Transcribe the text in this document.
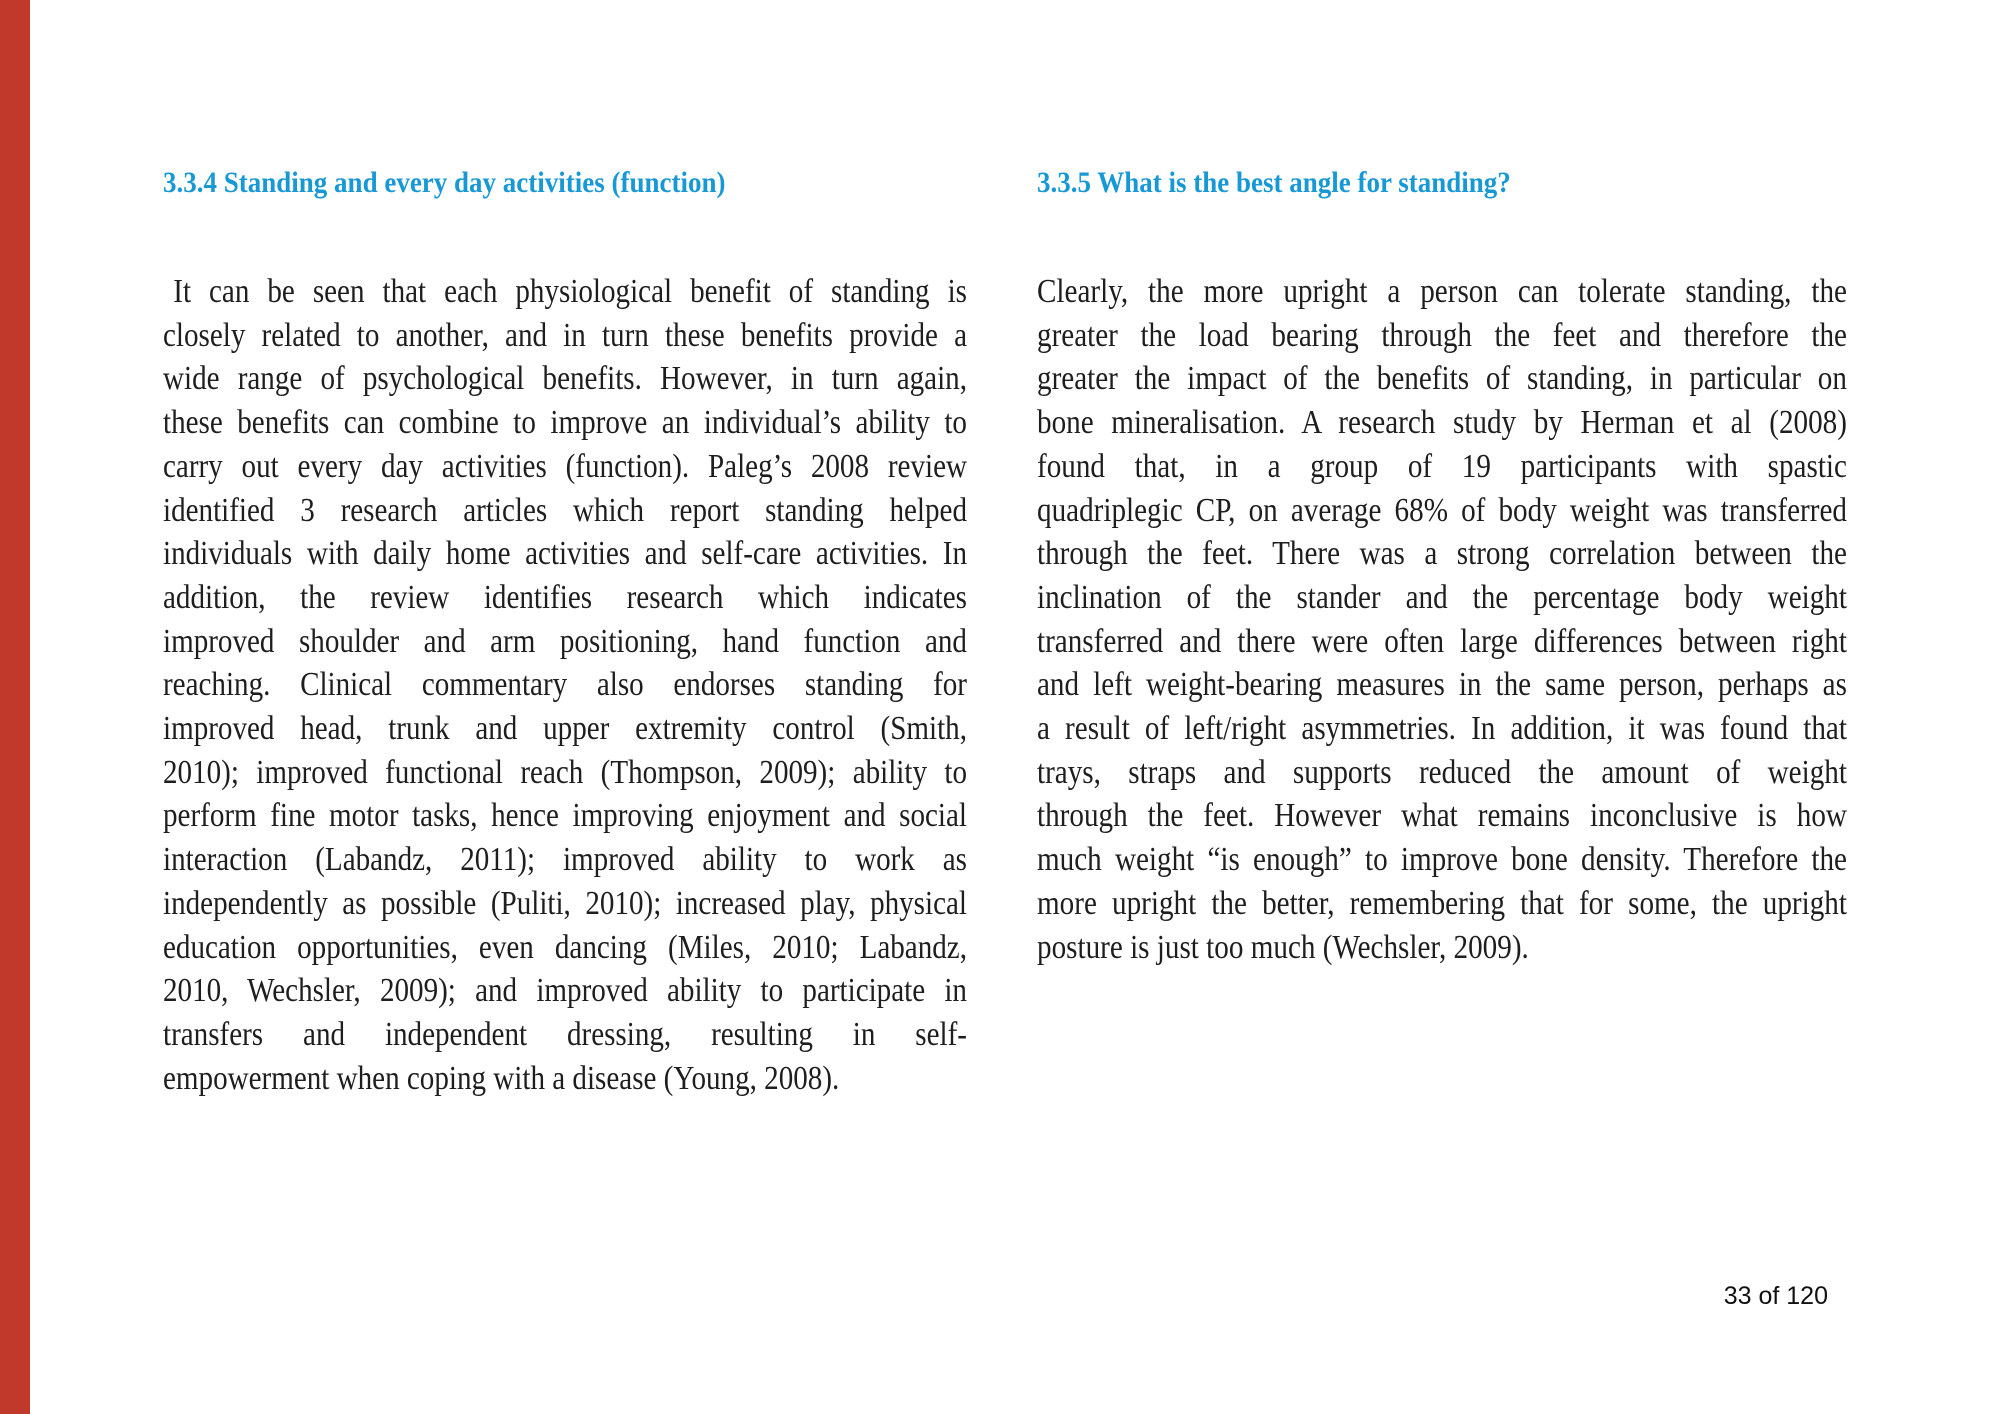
3.3.4 Standing and every day activities (function)	3.3.5 What is the best angle for standing?
It can be seen that each physiological benefit of standing is
closely related to another, and in turn these benefits provide a
wide range of psychological benefits. However, in turn again,
these benefits can combine to improve an individual’s ability to
carry out every day activities (function). Paleg’s 2008 review
identified 3 research articles which report standing helped
individuals with daily home activities and self-care activities. In
addition, the review identifies research which indicates
improved shoulder and arm positioning, hand function and
reaching. Clinical commentary also endorses standing for
improved head, trunk and upper extremity control (Smith,
2010); improved functional reach (Thompson, 2009); ability to
perform fine motor tasks, hence improving enjoyment and social
interaction (Labandz, 2011); improved ability to work as
independently as possible (Puliti, 2010); increased play, physical
education opportunities, even dancing (Miles, 2010; Labandz,
2010, Wechsler, 2009); and improved ability to participate in
transfers and independent dressing, resulting in self-
empowerment when coping with a disease (Young, 2008).
Clearly, the more upright a person can tolerate standing, the
greater the load bearing through the feet and therefore the
greater the impact of the benefits of standing, in particular on
bone mineralisation. A research study by Herman et al (2008)
found that, in a group of 19 participants with spastic
quadriplegic CP, on average 68% of body weight was transferred
through the feet. There was a strong correlation between the
inclination of the stander and the percentage body weight
transferred and there were often large differences between right
and left weight-bearing measures in the same person, perhaps as
a result of left/right asymmetries. In addition, it was found that
trays, straps and supports reduced the amount of weight
through the feet. However what remains inconclusive is how
much weight “is enough” to improve bone density. Therefore the
more upright the better, remembering that for some, the upright
posture is just too much (Wechsler, 2009).
33 of 120
